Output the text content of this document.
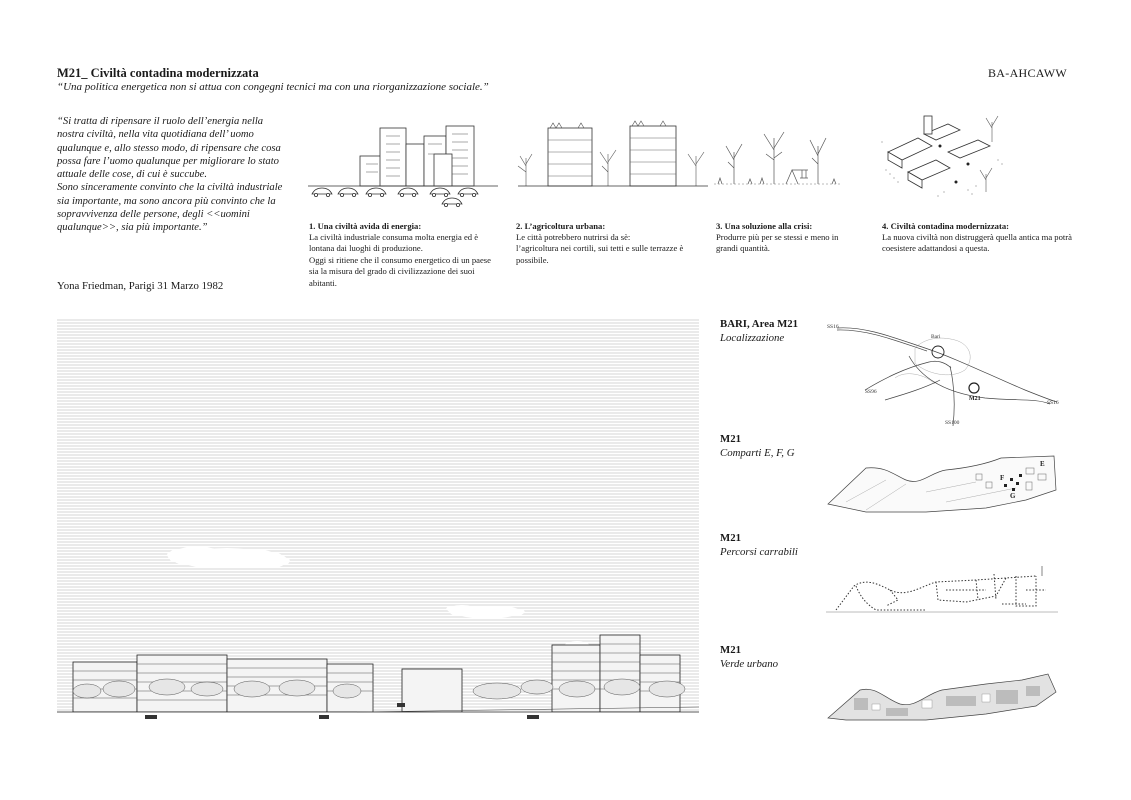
M21_ Civiltà contadina modernizzata
“Una politica energetica non si attua con congegni tecnici ma con una riorganizzazione sociale.”
BA-AHCAWW

“Si tratta di ripensare il ruolo dell’energia nella nostra civiltà, nella vita quotidiana dell’ uomo qualunque e, allo stesso modo, di ripensare che cosa possa fare l’uomo qualunque per migliorare lo stato attuale delle cose, di cui è succube.

Sono sinceramente convinto che la civiltà industriale sia importante, ma sono ancora più convinto che la sopravvivenza delle persone, degli <<uomini qualunque>>, sia più importante.”

Yona Friedman, Parigi 31 Marzo 1982
1. Una civiltà avida di energia:

La civiltà industriale consuma molta energia ed è lontana dai luoghi di produzione.

Oggi si ritiene che il consumo energetico di un paese sia la misura del grado di civilizzazione dei suoi abitanti.

2. L’agricoltura urbana:

Le città potrebbero nutrirsi da sè:

l’agricoltura nei cortili, sui tetti e sulle terrazze è possibile.

3. Una soluzione alla crisi:

Produrre più per se stessi e meno in grandi quantità.

4. Civiltà contadina modernizzata:

La nuova civiltà non distruggerà quella antica ma potrà coesistere adattandosi a questa.

BARI, Area M21
Localizzazione
M21
Comparti E, F, G
M21
Percorsi carrabili
M21
Verde urbano
SS16
Bari
SS96
M21
SS16
SS100
E
F
G
